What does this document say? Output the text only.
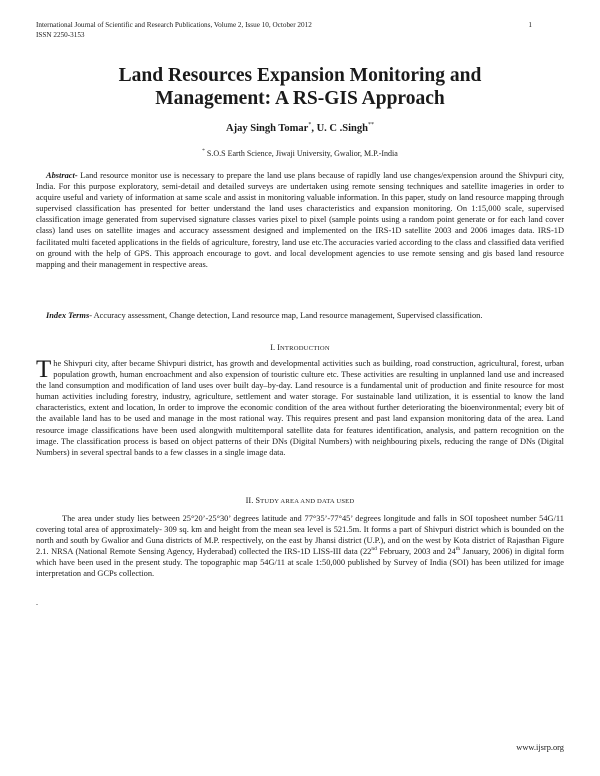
International Journal of Scientific and Research Publications, Volume 2, Issue 10, October 2012
ISSN 2250-3153
1
Land Resources Expansion Monitoring and
Management: A RS-GIS Approach
Ajay Singh Tomar*, U. C .Singh**
* S.O.S Earth Science, Jiwaji University, Gwalior, M.P.-India

Abstract- Land resource monitor use is necessary to prepare the land use plans because of rapidly land use changes/expension around the Shivpuri city, India. For this purpose exploratory, semi-detail and detailed surveys are undertaken using remote sensing techniques and satellite imageries in order to acquire useful and variety of information at same scale and assist in monitoring valuable information. In this paper, study on land resource mapping through supervised classification has presented for better understand the land uses characteristics and expansion monitoring. On 1:15,000 scale, supervised classification image generated from supervised signature classes varies pixel to pixel (sample points using a random point generate or for each land cover class) land uses on satellite images and accuracy assessment designed and implemented on the IRS-1D satellite 2003 and 2006 images data. IRS-1D facilitated multi faceted applications in the fields of agriculture, forestry, land use etc.The accuracies varied according to the class and classified data verified on ground with the help of GPS. This approach encourage to govt. and local development agencies to use remote sensing and gis based land resource mapping and their management in respective areas.

Index Terms- Accuracy assessment, Change detection, Land resource map, Land resource management, Supervised classification.

I. INTRODUCTION

The Shivpuri city, after became Shivpuri district, has growth and developmental activities such as building, road construction, agricultural, forest, urban population growth, human encroachment and also expension of touristic culture etc. These activities are resulting in unplanned land use and increased the land consumption and modification of land uses over built day–by-day. Land resource is a fundamental unit of production and finite resource for most human activities including forestry, industry, agriculture, settlement and water storage. For sustainable land utilization, it is essential to know the land characteristics, extent and location, In order to improve the economic condition of the area without further deteriorating the bioenvironmental; every bit of the available land has to be used and manage in the most rational way. This requires present and past land expansion monitoring data of the area. Land resource image classifications have been used alongwith multitemporal satellite data for features identification, analysis, and pattern recognition on the image. The classification process is based on object patterns of their DNs (Digital Numbers) with neighbouring pixels, reducing the range of DNs (Digital Numbers) in several spectral bands to a few classes in a single image data.

II. STUDY AREA AND DATA USED

The area under study lies between 25°20’-25°30’ degrees latitude and 77°35’-77°45’ degrees longitude and falls in SOI toposheet number 54G/11 covering total area of approximately- 309 sq. km and height from the mean sea level is 521.5m. It forms a part of Shivpuri district which is bounded on the north and south by Gwalior and Guna districts of M.P. respectively, on the east by Jhansi district (U.P.), and on the west by Kota district of Rajasthan Figure 2.1. NRSA (National Remote Sensing Agency, Hyderabad) collected the IRS-1D LISS-III data (22nd February, 2003 and 24th January, 2006) in digital form which have been used in the present study. The topographic map 54G/11 at scale 1:50,000 published by Survey of India (SOI) has been utilized for image interpretation and GCPs collection.

.
www.ijsrp.org
